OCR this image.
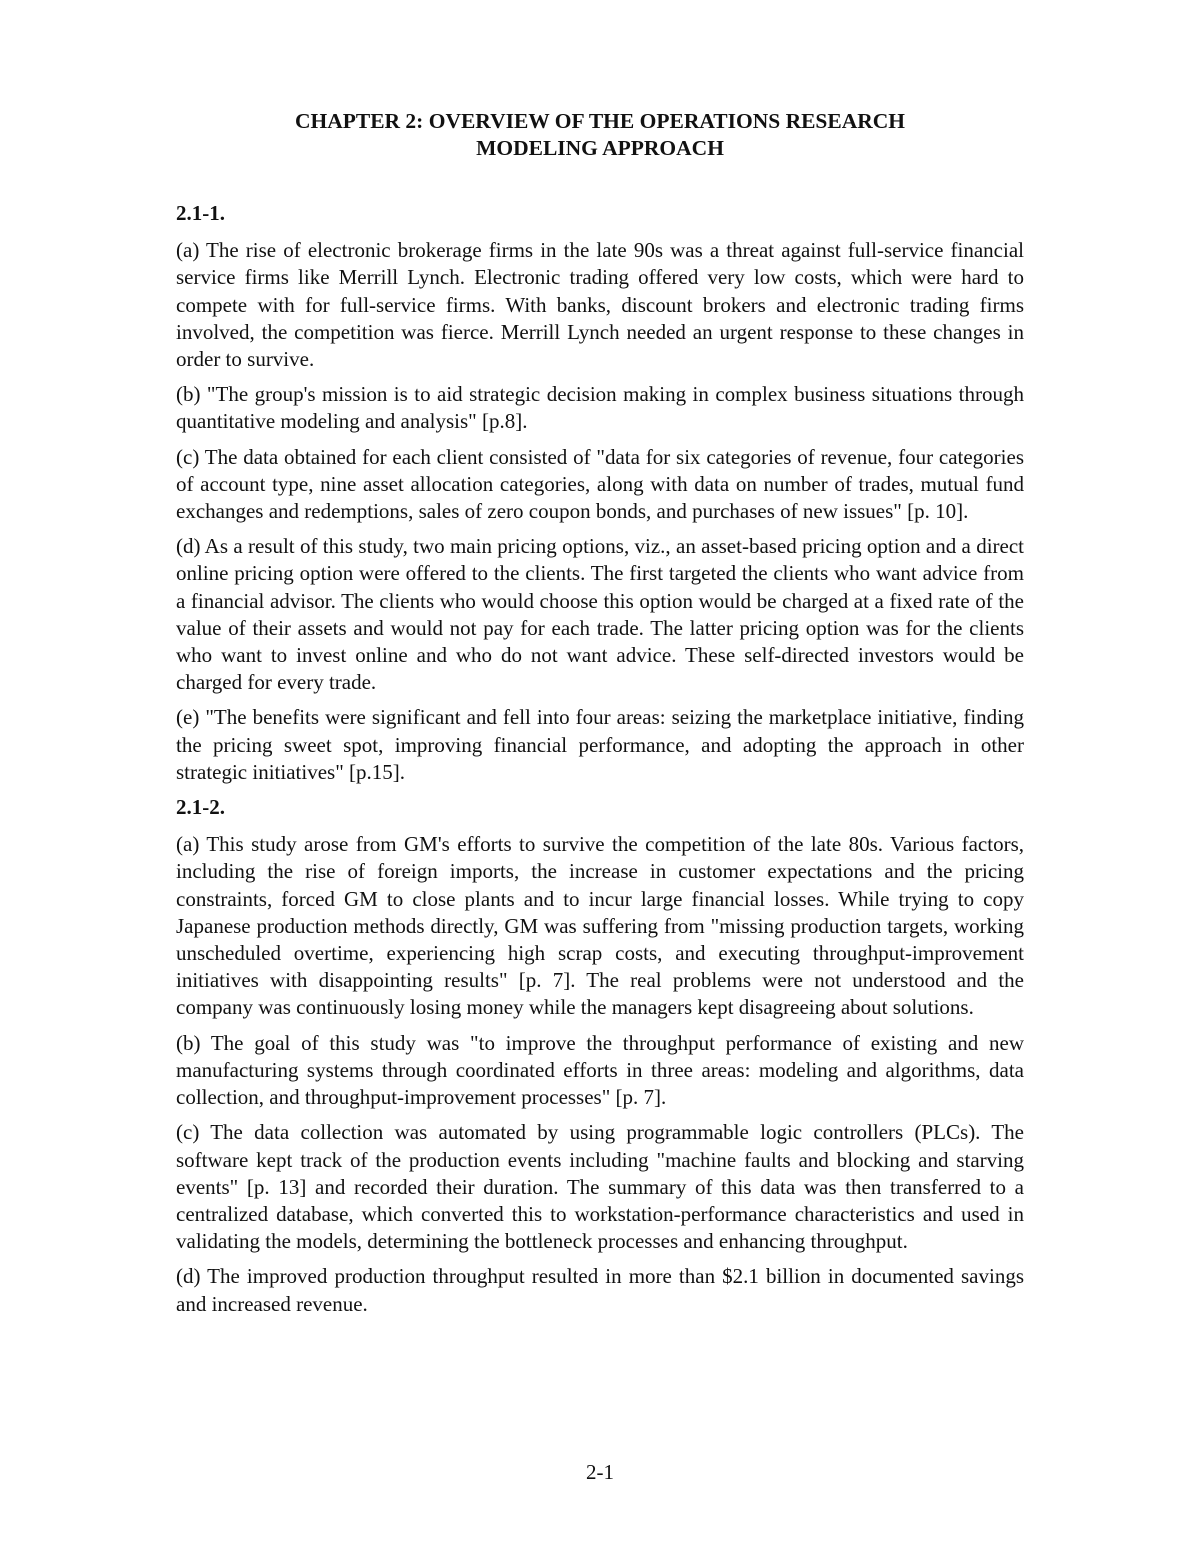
CHAPTER 2: OVERVIEW OF THE OPERATIONS RESEARCH
MODELING APPROACH

2.1-1.

(a) The rise of electronic brokerage firms in the late 90s was a threat against full-service financial service firms like Merrill Lynch. Electronic trading offered very low costs, which were hard to compete with for full-service firms. With banks, discount brokers and electronic trading firms involved, the competition was fierce. Merrill Lynch needed an urgent response to these changes in order to survive.

(b) "The group's mission is to aid strategic decision making in complex business situations through quantitative modeling and analysis" [p.8].

(c) The data obtained for each client consisted of "data for six categories of revenue, four categories of account type, nine asset allocation categories, along with data on number of trades, mutual fund exchanges and redemptions, sales of zero coupon bonds, and purchases of new issues" [p. 10].

(d) As a result of this study, two main pricing options, viz., an asset-based pricing option and a direct online pricing option were offered to the clients. The first targeted the clients who want advice from a financial advisor. The clients who would choose this option would be charged at a fixed rate of the value of their assets and would not pay for each trade. The latter pricing option was for the clients who want to invest online and who do not want advice. These self-directed investors would be charged for every trade.

(e) "The benefits were significant and fell into four areas: seizing the marketplace initiative, finding the pricing sweet spot, improving financial performance, and adopting the approach in other strategic initiatives" [p.15].

2.1-2.

(a) This study arose from GM's efforts to survive the competition of the late 80s. Various factors, including the rise of foreign imports, the increase in customer expectations and the pricing constraints, forced GM to close plants and to incur large financial losses. While trying to copy Japanese production methods directly, GM was suffering from "missing production targets, working unscheduled overtime, experiencing high scrap costs, and executing throughput-improvement initiatives with disappointing results" [p. 7]. The real problems were not understood and the company was continuously losing money while the managers kept disagreeing about solutions.

(b) The goal of this study was "to improve the throughput performance of existing and new manufacturing systems through coordinated efforts in three areas: modeling and algorithms, data collection, and throughput-improvement processes" [p. 7].

(c) The data collection was automated by using programmable logic controllers (PLCs). The software kept track of the production events including "machine faults and blocking and starving events" [p. 13] and recorded their duration. The summary of this data was then transferred to a centralized database, which converted this to workstation-performance characteristics and used in validating the models, determining the bottleneck processes and enhancing throughput.

(d) The improved production throughput resulted in more than $2.1 billion in documented savings and increased revenue.

2-1
